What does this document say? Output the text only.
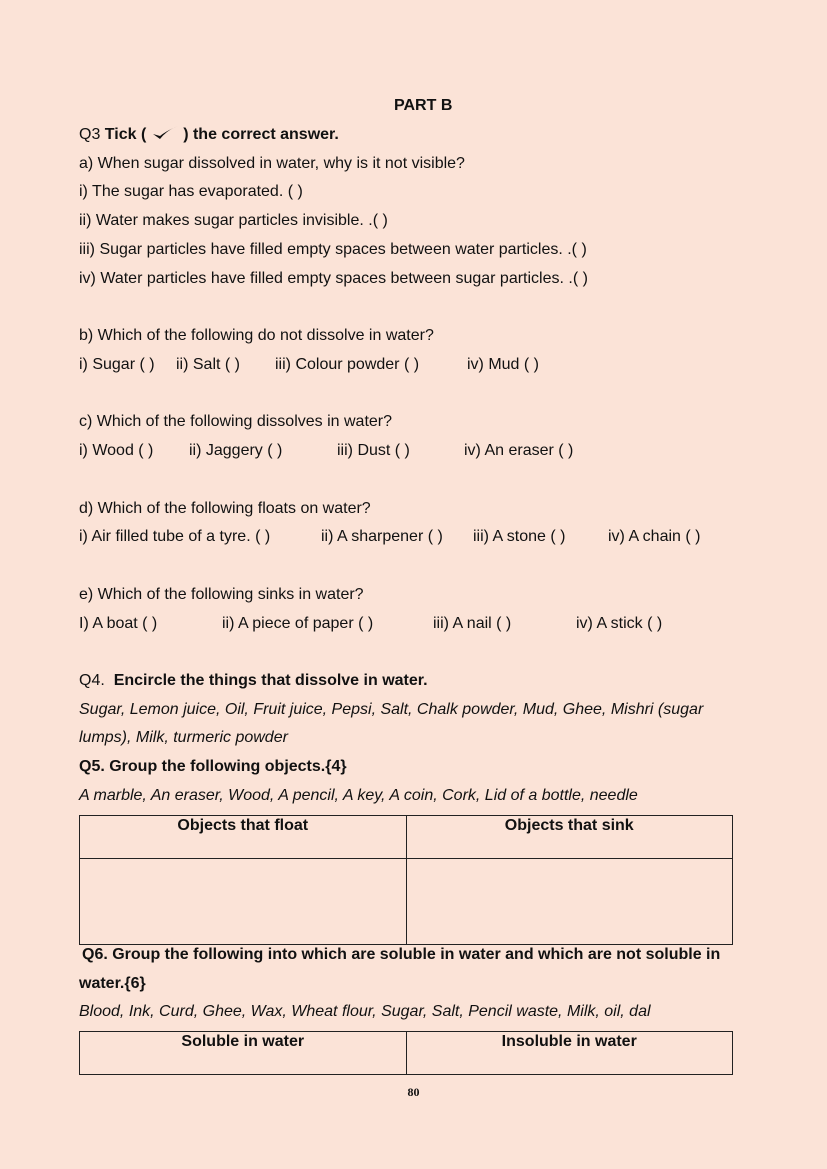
PART B
Q3 Tick ( ) the correct answer.
a) When sugar dissolved in water, why is it not visible?
i) The sugar has evaporated. ( )
ii) Water makes sugar particles invisible. .( )
iii) Sugar particles have filled empty spaces between water particles. .( )
iv) Water particles have filled empty spaces between sugar particles. .( )
b) Which of the following do not dissolve in water?
i) Sugar ( ) ii) Salt ( ) iii) Colour powder ( )	iv) Mud ( )
c) Which of the following dissolves in water?
i) Wood ( ) ii) Jaggery ( )	iii) Dust ( )	iv) An eraser ( )
d) Which of the following floats on water?
i) Air filled tube of a tyre. ( )	ii) A sharpener ( ) iii) A stone ( )	iv) A chain ( )
e) Which of the following sinks in water?
I) A boat ( )	ii) A piece of paper ( )	iii) A nail ( )	iv) A stick ( )
Q4. Encircle the things that dissolve in water.
Sugar, Lemon juice, Oil, Fruit juice, Pepsi, Salt, Chalk powder, Mud, Ghee, Mishri (sugar
lumps), Milk, turmeric powder
Q5. Group the following objects.{4}
A marble, An eraser, Wood, A pencil, A key, A coin, Cork, Lid of a bottle, needle
Objects that float	Objects that sink

Q6. Group the following into which are soluble in water and which are not soluble in
water.{6}
Blood, Ink, Curd, Ghee, Wax, Wheat flour, Sugar, Salt, Pencil waste, Milk, oil, dal
Soluble in water	Insoluble in water
80
